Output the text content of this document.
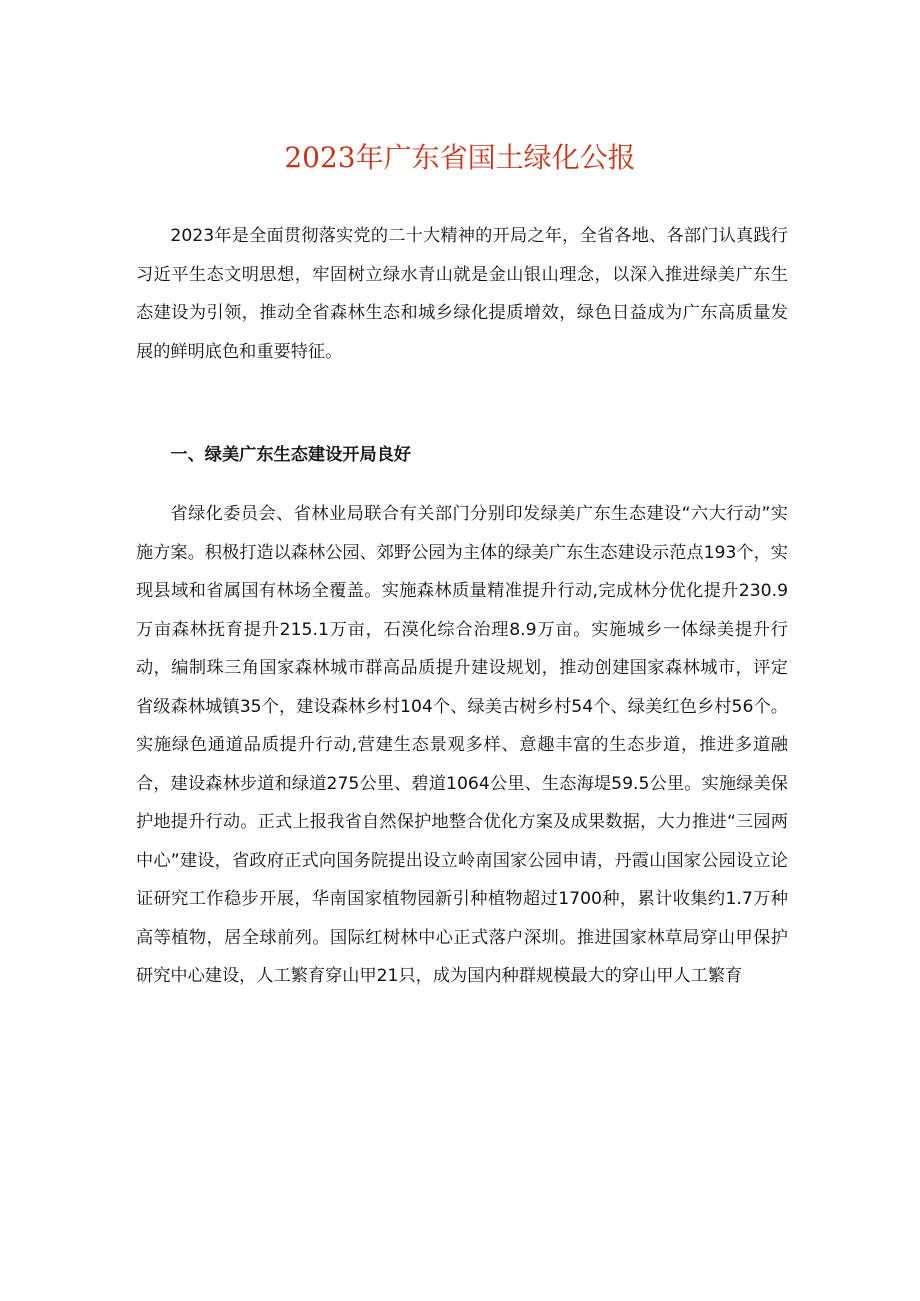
2023年广东省国土绿化公报

2023年是全面贯彻落实党的二十大精神的开局之年，全省各地、各部门认真践行习近平生态文明思想，牢固树立绿水青山就是金山银山理念，以深入推进绿美广东生态建设为引领，推动全省森林生态和城乡绿化提质增效，绿色日益成为广东高质量发展的鲜明底色和重要特征。

一、绿美广东生态建设开局良好

省绿化委员会、省林业局联合有关部门分别印发绿美广东生态建设“六大行动”实施方案。积极打造以森林公园、郊野公园为主体的绿美广东生态建设示范点193个，实现县域和省属国有林场全覆盖。实施森林质量精准提升行动,完成林分优化提升230.9万亩森林抚育提升215.1万亩，石漠化综合治理8.9万亩。实施城乡一体绿美提升行动，编制珠三角国家森林城市群高品质提升建设规划，推动创建国家森林城市，评定省级森林城镇35个，建设森林乡村104个、绿美古树乡村54个、绿美红色乡村56个。实施绿色通道品质提升行动,营建生态景观多样、意趣丰富的生态步道，推进多道融合，建设森林步道和绿道275公里、碧道1064公里、生态海堤59.5公里。实施绿美保护地提升行动。正式上报我省自然保护地整合优化方案及成果数据，大力推进“三园两中心”建设，省政府正式向国务院提出设立岭南国家公园申请，丹霞山国家公园设立论证研究工作稳步开展，华南国家植物园新引种植物超过1700种，累计收集约1.7万种高等植物，居全球前列。国际红树林中心正式落户深圳。推进国家林草局穿山甲保护研究中心建设，人工繁育穿山甲21只，成为国内种群规模最大的穿山甲人工繁育
